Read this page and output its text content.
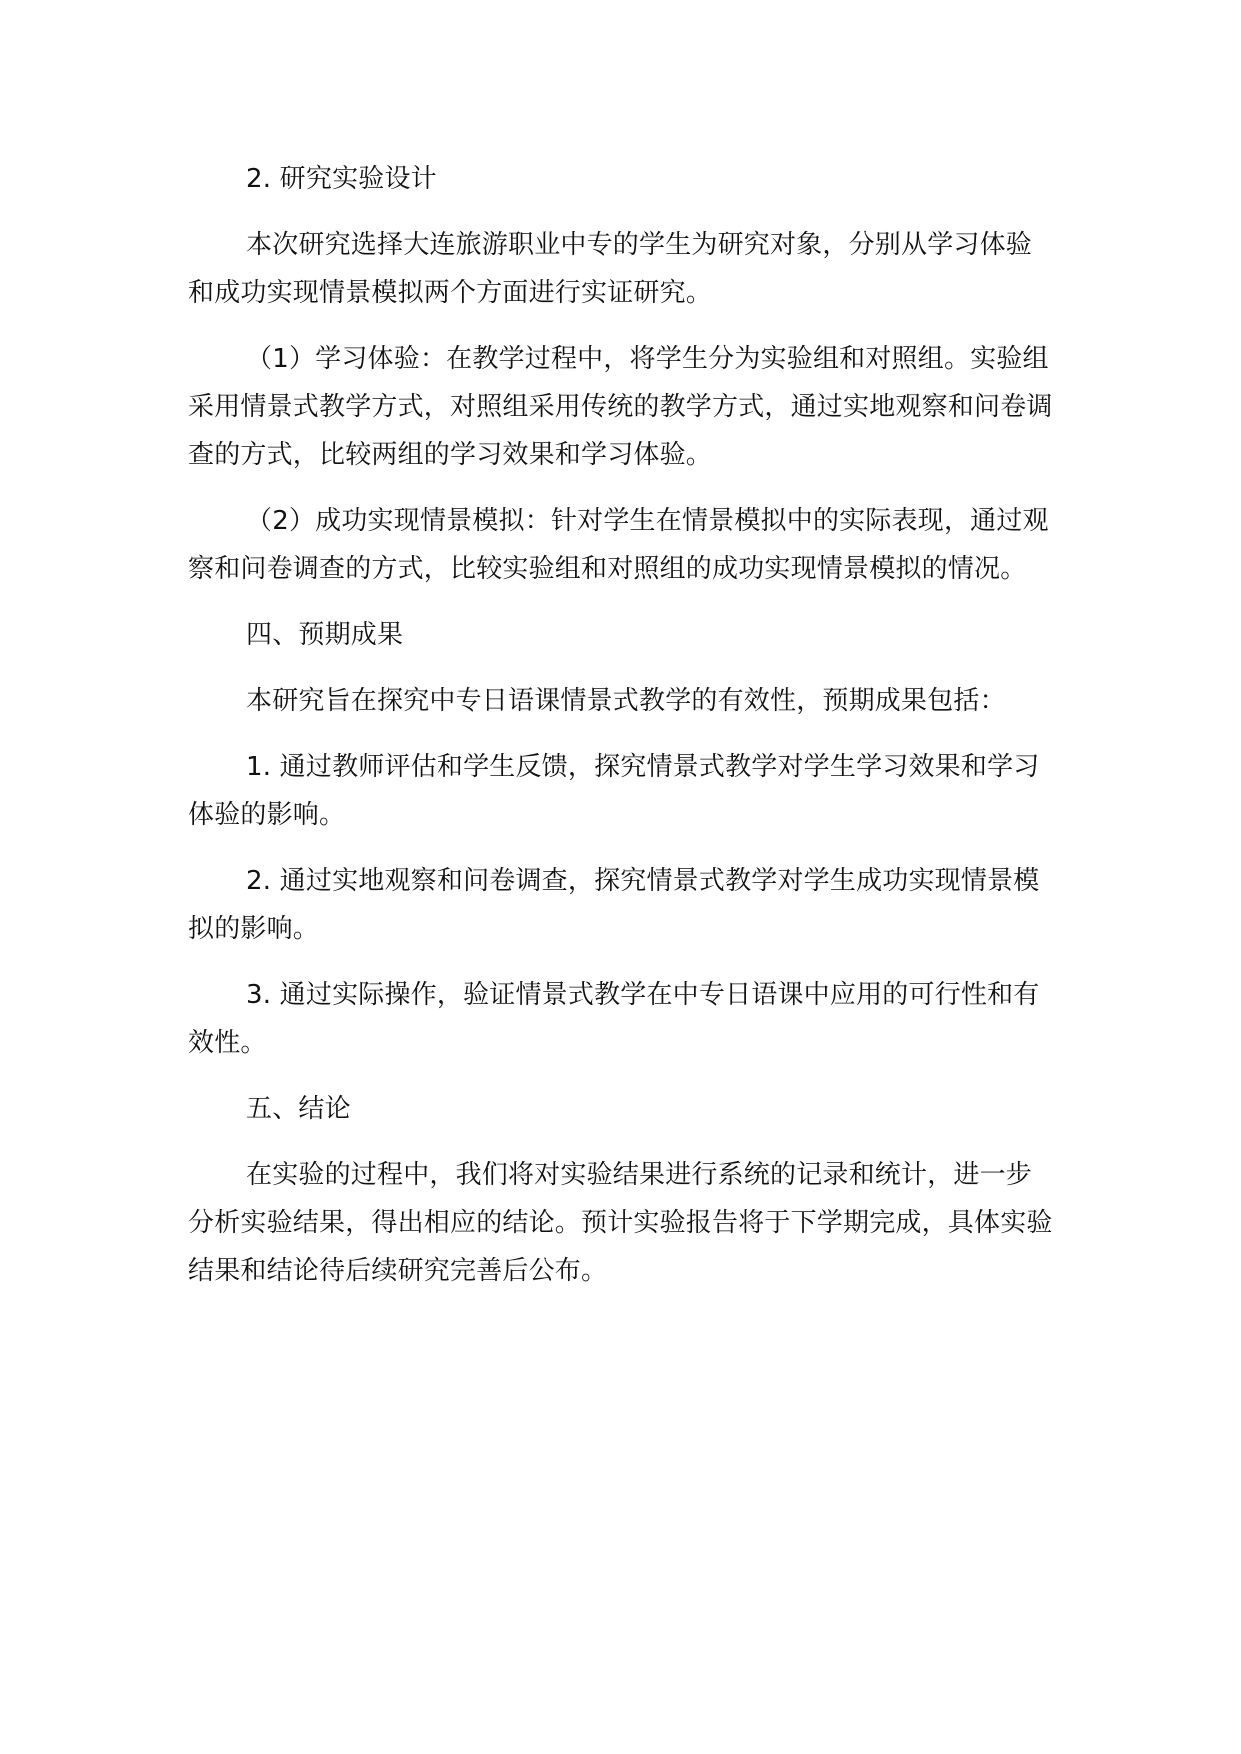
2. 研究实验设计

本次研究选择大连旅游职业中专的学生为研究对象，分别从学习体验和成功实现情景模拟两个方面进行实证研究。

（1）学习体验：在教学过程中，将学生分为实验组和对照组。实验组采用情景式教学方式，对照组采用传统的教学方式，通过实地观察和问卷调查的方式，比较两组的学习效果和学习体验。

（2）成功实现情景模拟：针对学生在情景模拟中的实际表现，通过观察和问卷调查的方式，比较实验组和对照组的成功实现情景模拟的情况。

四、预期成果

本研究旨在探究中专日语课情景式教学的有效性，预期成果包括：

1. 通过教师评估和学生反馈，探究情景式教学对学生学习效果和学习体验的影响。

2. 通过实地观察和问卷调查，探究情景式教学对学生成功实现情景模拟的影响。

3. 通过实际操作，验证情景式教学在中专日语课中应用的可行性和有效性。

五、结论

在实验的过程中，我们将对实验结果进行系统的记录和统计，进一步分析实验结果，得出相应的结论。预计实验报告将于下学期完成，具体实验结果和结论待后续研究完善后公布。
